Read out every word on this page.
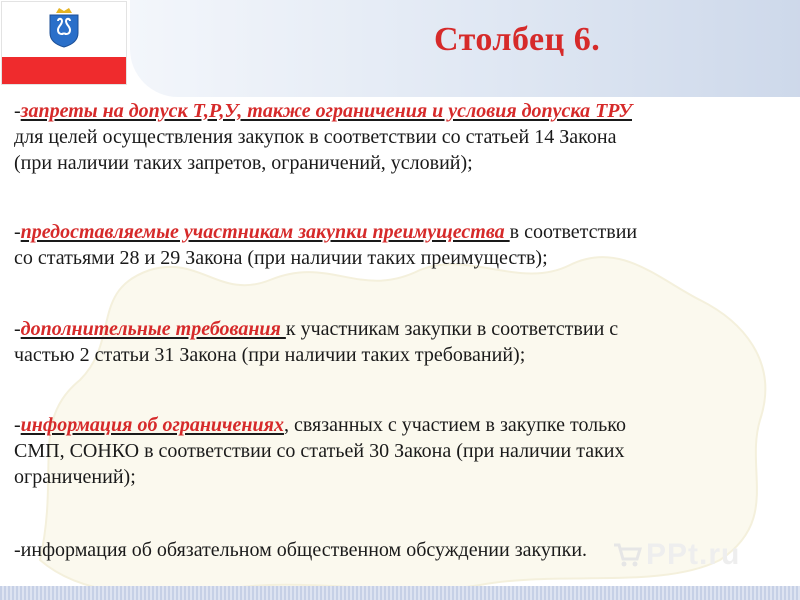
Столбец 6.

-запреты на допуск Т,Р,У, также ограничения и условия допуска ТРУ
для целей осуществления закупок в соответствии со статьей 14 Закона
(при наличии таких запретов, ограничений, условий);

-предоставляемые участникам закупки преимущества в соответствии
со статьями 28 и 29 Закона (при наличии таких преимуществ);

-дополнительные требования к участникам закупки в соответствии с
частью 2 статьи 31 Закона (при наличии таких требований);

-информация об ограничениях, связанных с участием в закупке только
СМП, СОНКО в соответствии со статьей 30 Закона (при наличии таких
ограничений);

-информация об обязательном общественном обсуждении закупки.	PPt.ru
